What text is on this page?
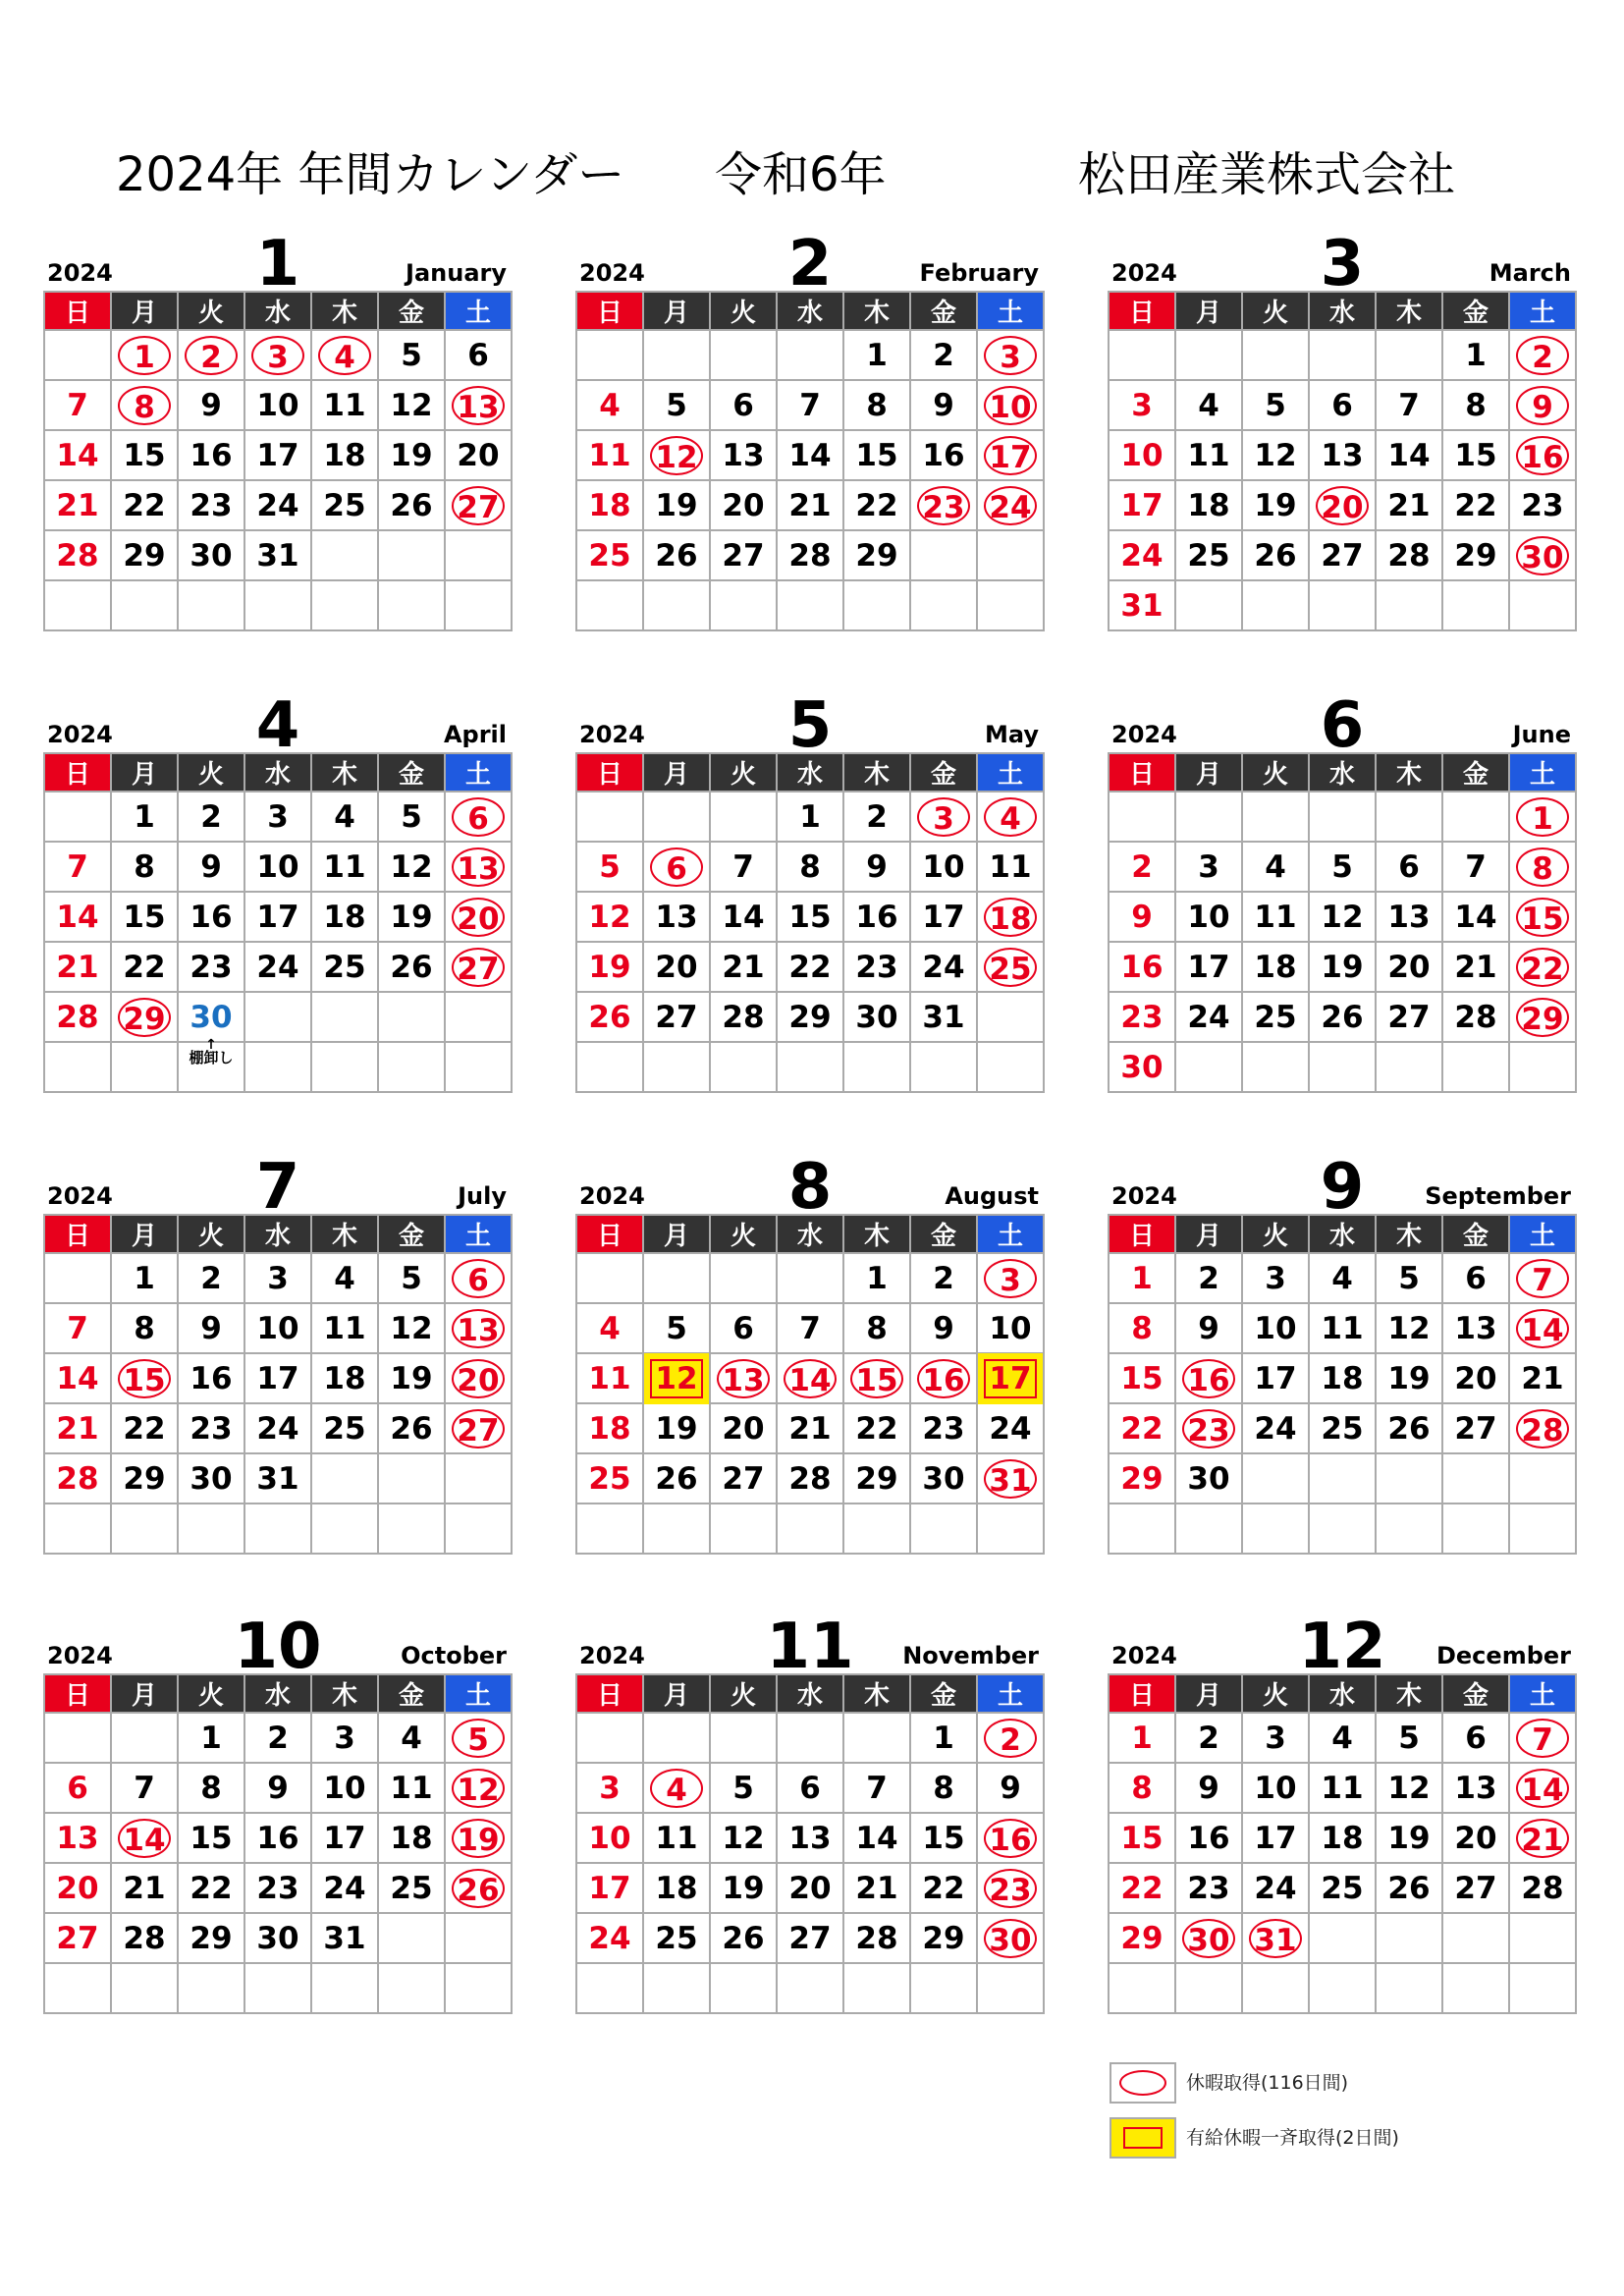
2024年 年間カレンダー 令和6年	松田産業株式会社
2024	1	January
日	月	火	水	木	金	土
	1	2	3	4	5	6
7	8	9	10	11	12	13
14	15	16	17	18	19	20
21	22	23	24	25	26	27
28	29	30	31			

2024	2	February
日	月	火	水	木	金	土
				1	2	3
4	5	6	7	8	9	10
11	12	13	14	15	16	17
18	19	20	21	22	23	24
25	26	27	28	29		

2024	3	March
日	月	火	水	木	金	土
					1	2
3	4	5	6	7	8	9
10	11	12	13	14	15	16
17	18	19	20	21	22	23
24	25	26	27	28	29	30
31						
2024	4	April
日	月	火	水	木	金	土
	1	2	3	4	5	6
7	8	9	10	11	12	13
14	15	16	17	18	19	20
21	22	23	24	25	26	27
28	29	30
↑ 棚卸し

2024	5	May
日	月	火	水	木	金	土
			1	2	3	4
5	6	7	8	9	10	11
12	13	14	15	16	17	18
19	20	21	22	23	24	25
26	27	28	29	30	31	

2024	6	June
日	月	火	水	木	金	土
						1
2	3	4	5	6	7	8
9	10	11	12	13	14	15
16	17	18	19	20	21	22
23	24	25	26	27	28	29
30						
2024	7	July
日	月	火	水	木	金	土
	1	2	3	4	5	6
7	8	9	10	11	12	13
14	15	16	17	18	19	20
21	22	23	24	25	26	27
28	29	30	31			

2024	8	August
日	月	火	水	木	金	土
				1	2	3
4	5	6	7	8	9	10
11	12	13	14	15	16	17
18	19	20	21	22	23	24
25	26	27	28	29	30	31

2024	9	September
日	月	火	水	木	金	土
1	2	3	4	5	6	7
8	9	10	11	12	13	14
15	16	17	18	19	20	21
22	23	24	25	26	27	28
29	30					

2024	10	October
日	月	火	水	木	金	土
		1	2	3	4	5
6	7	8	9	10	11	12
13	14	15	16	17	18	19
20	21	22	23	24	25	26
27	28	29	30	31		

2024	11	November
日	月	火	水	木	金	土
					1	2
3	4	5	6	7	8	9
10	11	12	13	14	15	16
17	18	19	20	21	22	23
24	25	26	27	28	29	30

2024	12	December
日	月	火	水	木	金	土
1	2	3	4	5	6	7
8	9	10	11	12	13	14
15	16	17	18	19	20	21
22	23	24	25	26	27	28
29	30	31				

休暇取得(116日間)
有給休暇一斉取得(2日間)
